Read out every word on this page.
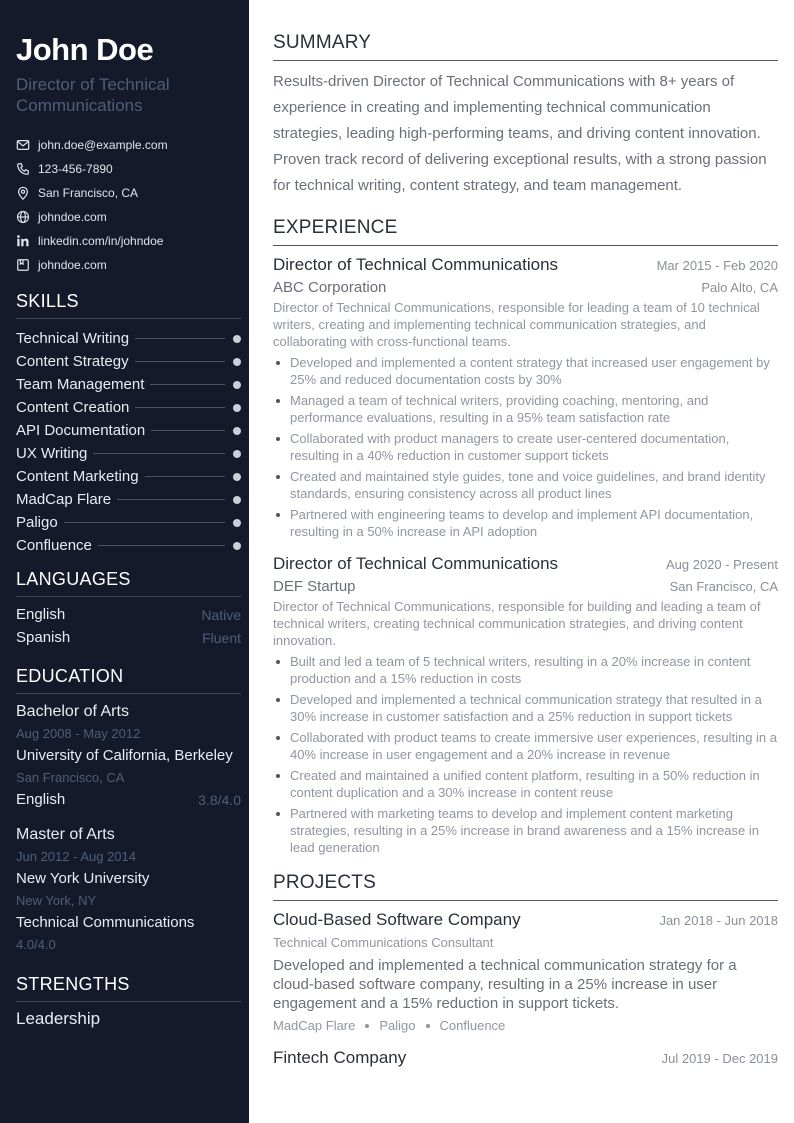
John Doe
Director of Technical Communications
john.doe@example.com
123-456-7890
San Francisco, CA
johndoe.com
linkedin.com/in/johndoe
johndoe.com
SKILLS
Technical Writing
Content Strategy
Team Management
Content Creation
API Documentation
UX Writing
Content Marketing
MadCap Flare
Paligo
Confluence
LANGUAGES
English	Native
Spanish	Fluent
EDUCATION
Bachelor of Arts
Aug 2008 - May 2012
University of California, Berkeley
San Francisco, CA
English	3.8/4.0
Master of Arts
Jun 2012 - Aug 2014
New York University
New York, NY
Technical Communications
4.0/4.0
STRENGTHS
Leadership
SUMMARY

Results-driven Director of Technical Communications with 8+ years of experience in creating and implementing technical communication strategies, leading high-performing teams, and driving content innovation. Proven track record of delivering exceptional results, with a strong passion for technical writing, content strategy, and team management.

EXPERIENCE
Director of Technical Communications	Mar 2015 - Feb 2020
ABC Corporation	Palo Alto, CA
Director of Technical Communications, responsible for leading a team of 10 technical writers, creating and implementing technical communication strategies, and collaborating with cross-functional teams.
Developed and implemented a content strategy that increased user engagement by 25% and reduced documentation costs by 30%
Managed a team of technical writers, providing coaching, mentoring, and performance evaluations, resulting in a 95% team satisfaction rate
Collaborated with product managers to create user-centered documentation, resulting in a 40% reduction in customer support tickets
Created and maintained style guides, tone and voice guidelines, and brand identity standards, ensuring consistency across all product lines
Partnered with engineering teams to develop and implement API documentation, resulting in a 50% increase in API adoption
Director of Technical Communications	Aug 2020 - Present
DEF Startup	San Francisco, CA
Director of Technical Communications, responsible for building and leading a team of technical writers, creating technical communication strategies, and driving content innovation.
Built and led a team of 5 technical writers, resulting in a 20% increase in content production and a 15% reduction in costs
Developed and implemented a technical communication strategy that resulted in a 30% increase in customer satisfaction and a 25% reduction in support tickets
Collaborated with product teams to create immersive user experiences, resulting in a 40% increase in user engagement and a 20% increase in revenue
Created and maintained a unified content platform, resulting in a 50% reduction in content duplication and a 30% increase in content reuse
Partnered with marketing teams to develop and implement content marketing strategies, resulting in a 25% increase in brand awareness and a 15% increase in lead generation
PROJECTS
Cloud-Based Software Company	Jan 2018 - Jun 2018
Technical Communications Consultant
Developed and implemented a technical communication strategy for a cloud-based software company, resulting in a 25% increase in user engagement and a 15% reduction in support tickets.
MadCap Flare Paligo Confluence
Fintech Company	Jul 2019 - Dec 2019
